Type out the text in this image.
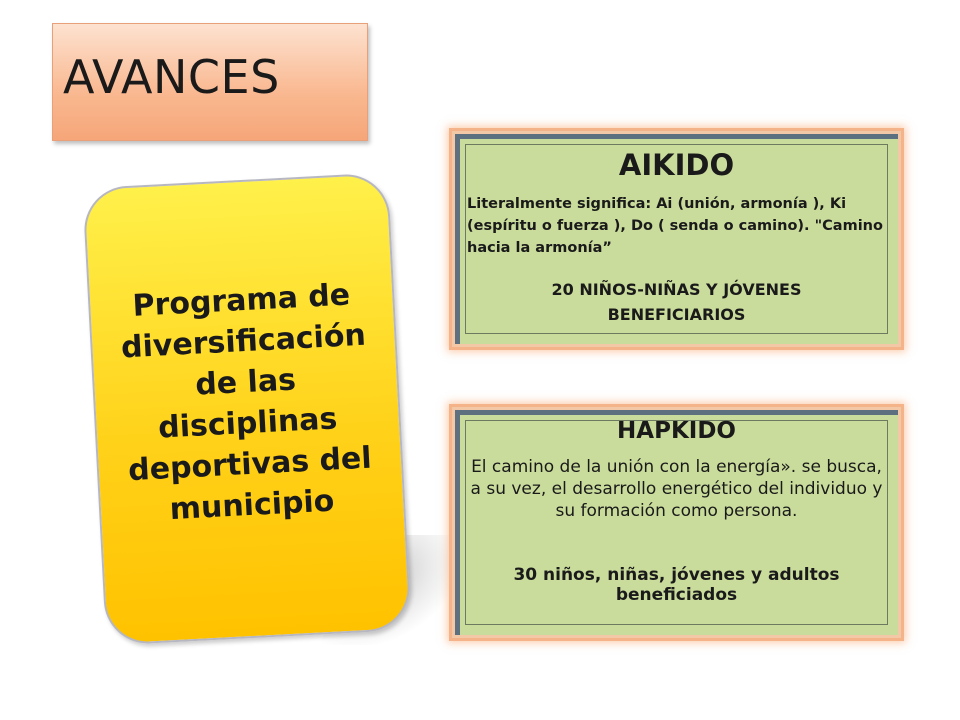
AVANCES
Programa de diversificación de las disciplinas deportivas del municipio
AIKIDO
Literalmente significa: Ai (unión, armonía ), Ki (espíritu o fuerza ), Do ( senda o camino). "Camino hacia la armonía”
20 NIÑOS-NIÑAS Y JÓVENES BENEFICIARIOS
HAPKIDO
El camino de la unión con la energía». se busca, a su vez, el desarrollo energético del individuo y su formación como persona.
30 niños, niñas, jóvenes y adultos beneficiados
